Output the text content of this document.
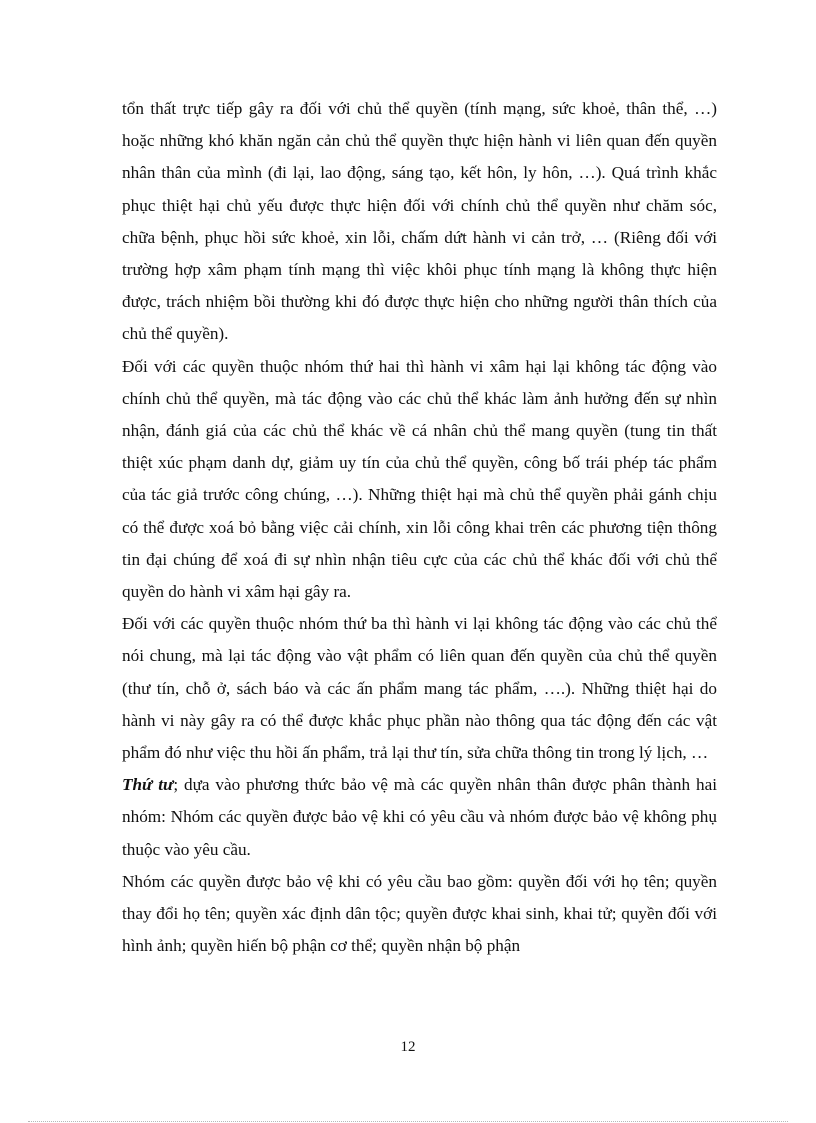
tổn thất trực tiếp gây ra đối với chủ thể quyền (tính mạng, sức khoẻ, thân thể, …) hoặc những khó khăn ngăn cản chủ thể quyền thực hiện hành vi liên quan đến quyền nhân thân của mình (đi lại, lao động, sáng tạo, kết hôn, ly hôn, …). Quá trình khắc phục thiệt hại chủ yếu được thực hiện đối với chính chủ thể quyền như chăm sóc, chữa bệnh, phục hồi sức khoẻ, xin lỗi, chấm dứt hành vi cản trở, … (Riêng đối với trường hợp xâm phạm tính mạng thì việc khôi phục tính mạng là không thực hiện được, trách nhiệm bồi thường khi đó được thực hiện cho những người thân thích của chủ thể quyền).

Đối với các quyền thuộc nhóm thứ hai thì hành vi xâm hại lại không tác động vào chính chủ thể quyền, mà tác động vào các chủ thể khác làm ảnh hưởng đến sự nhìn nhận, đánh giá của các chủ thể khác về cá nhân chủ thể mang quyền (tung tin thất thiệt xúc phạm danh dự, giảm uy tín của chủ thể quyền, công bố trái phép tác phẩm của tác giả trước công chúng, …). Những thiệt hại mà chủ thể quyền phải gánh chịu có thể được xoá bỏ bằng việc cải chính, xin lỗi công khai trên các phương tiện thông tin đại chúng để xoá đi sự nhìn nhận tiêu cực của các chủ thể khác đối với chủ thể quyền do hành vi xâm hại gây ra.

Đối với các quyền thuộc nhóm thứ ba thì hành vi lại không tác động vào các chủ thể nói chung, mà lại tác động vào vật phẩm có liên quan đến quyền của chủ thể quyền (thư tín, chỗ ở, sách báo và các ấn phẩm mang tác phẩm, ….). Những thiệt hại do hành vi này gây ra có thể được khắc phục phần nào thông qua tác động đến các vật phẩm đó như việc thu hồi ấn phẩm, trả lại thư tín, sửa chữa thông tin trong lý lịch, …

Thứ tư; dựa vào phương thức bảo vệ mà các quyền nhân thân được phân thành hai nhóm: Nhóm các quyền được bảo vệ khi có yêu cầu và nhóm được bảo vệ không phụ thuộc vào yêu cầu.

Nhóm các quyền được bảo vệ khi có yêu cầu bao gồm: quyền đối với họ tên; quyền thay đổi họ tên; quyền xác định dân tộc; quyền được khai sinh, khai tử; quyền đối với hình ảnh; quyền hiến bộ phận cơ thể; quyền nhận bộ phận

12
